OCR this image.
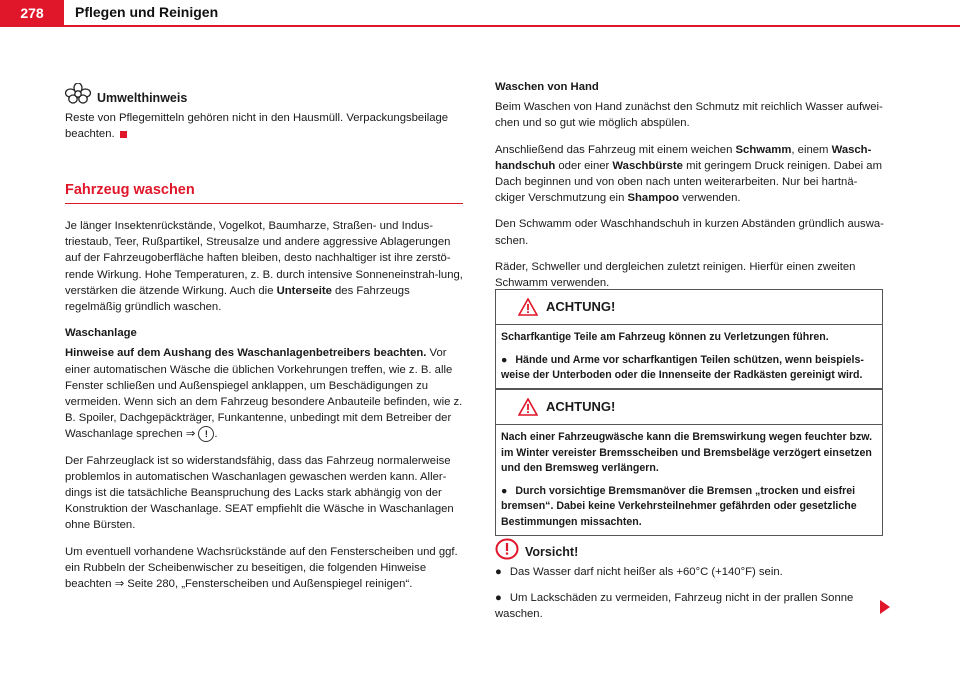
278	Pflegen und Reinigen
Umwelthinweis

Reste von Pflegemitteln gehören nicht in den Hausmüll. Verpackungsbeilage beachten.

Fahrzeug waschen

Je länger Insektenrückstände, Vogelkot, Baumharze, Straßen- und Indus-triestaub, Teer, Rußpartikel, Streusalze und andere aggressive Ablagerungen auf der Fahrzeugoberfläche haften bleiben, desto nachhaltiger ist ihre zerstö-rende Wirkung. Hohe Temperaturen, z. B. durch intensive Sonneneinstrah-lung, verstärken die ätzende Wirkung. Auch die Unterseite des Fahrzeugs regelmäßig gründlich waschen.

Waschanlage

Hinweise auf dem Aushang des Waschanlagenbetreibers beachten. Vor einer automatischen Wäsche die üblichen Vorkehrungen treffen, wie z. B. alle Fenster schließen und Außenspiegel anklappen, um Beschädigungen zu vermeiden. Wenn sich an dem Fahrzeug besondere Anbauteile befinden, wie z. B. Spoiler, Dachgepäckträger, Funkantenne, unbedingt mit dem Betreiber der Waschanlage sprechen ⇒ ! .

Der Fahrzeuglack ist so widerstandsfähig, dass das Fahrzeug normalerweise problemlos in automatischen Waschanlagen gewaschen werden kann. Aller-dings ist die tatsächliche Beanspruchung des Lacks stark abhängig von der Konstruktion der Waschanlage. SEAT empfiehlt die Wäsche in Waschanlagen ohne Bürsten.

Um eventuell vorhandene Wachsrückstände auf den Fensterscheiben und ggf. ein Rubbeln der Scheibenwischer zu beseitigen, die folgenden Hinweise beachten ⇒ Seite 280, „Fensterscheiben und Außenspiegel reinigen“.

Waschen von Hand

Beim Waschen von Hand zunächst den Schmutz mit reichlich Wasser aufwei-chen und so gut wie möglich abspülen.

Anschließend das Fahrzeug mit einem weichen Schwamm, einem Wasch-handschuh oder einer Waschbürste mit geringem Druck reinigen. Dabei am Dach beginnen und von oben nach unten weiterarbeiten. Nur bei hartnä-ckiger Verschmutzung ein Shampoo verwenden.

Den Schwamm oder Waschhandschuh in kurzen Abständen gründlich auswa-schen.

Räder, Schweller und dergleichen zuletzt reinigen. Hierfür einen zweiten Schwamm verwenden.

ACHTUNG!

Scharfkantige Teile am Fahrzeug können zu Verletzungen führen.

● Hände und Arme vor scharfkantigen Teilen schützen, wenn beispiels-weise der Unterboden oder die Innenseite der Radkästen gereinigt wird.

ACHTUNG!

Nach einer Fahrzeugwäsche kann die Bremswirkung wegen feuchter bzw. im Winter vereister Bremsscheiben und Bremsbeläge verzögert einsetzen und den Bremsweg verlängern.

● Durch vorsichtige Bremsmanöver die Bremsen „trocken und eisfrei bremsen“. Dabei keine Verkehrsteilnehmer gefährden oder gesetzliche Bestimmungen missachten.

Vorsicht!

● Das Wasser darf nicht heißer als +60°C (+140°F) sein.

● Um Lackschäden zu vermeiden, Fahrzeug nicht in der prallen Sonne waschen.
